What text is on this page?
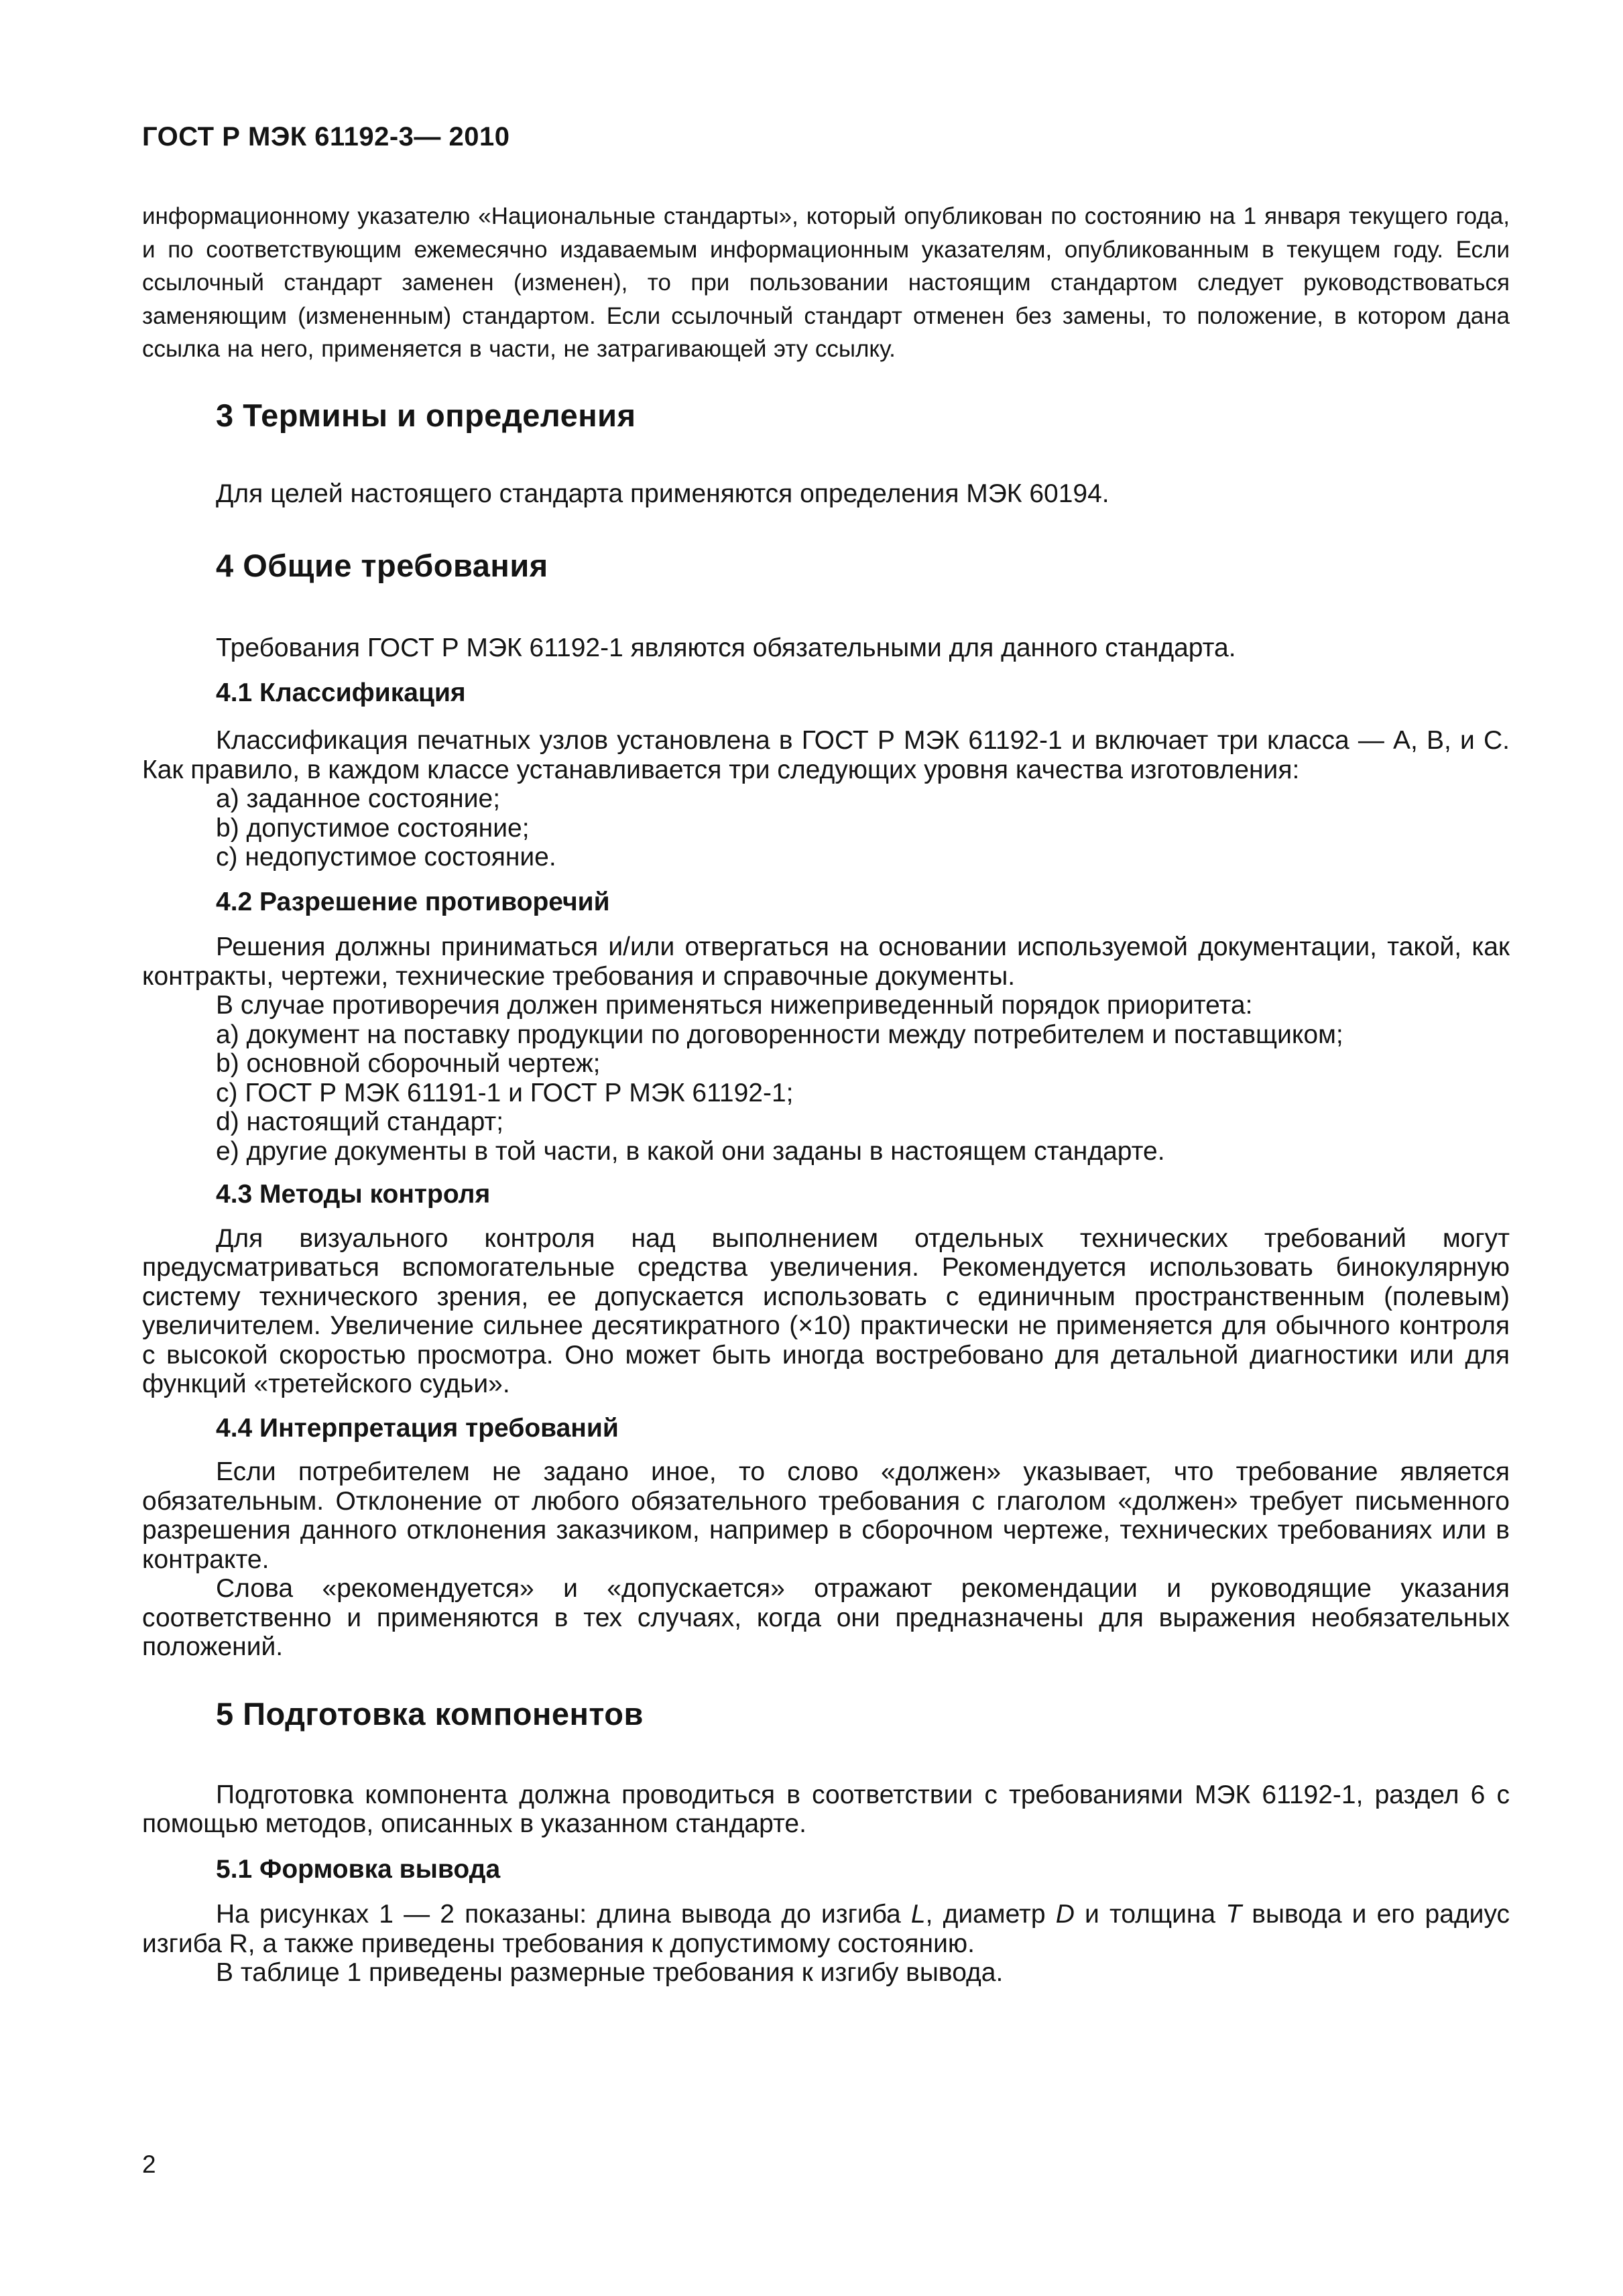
ГОСТ Р МЭК 61192-3— 2010

информационному указателю «Национальные стандарты», который опубликован по состоянию на 1 января текущего года, и по соответствующим ежемесячно издаваемым информационным указателям, опубликованным в текущем году. Если ссылочный стандарт заменен (изменен), то при пользовании настоящим стандартом следует руководствоваться заменяющим (измененным) стандартом. Если ссылочный стандарт отменен без замены, то положение, в котором дана ссылка на него, применяется в части, не затрагивающей эту ссылку.

3 Термины и определения

Для целей настоящего стандарта применяются определения МЭК 60194.

4 Общие требования

Требования ГОСТ Р МЭК 61192-1 являются обязательными для данного стандарта.

4.1 Классификация

Классификация печатных узлов установлена в ГОСТ Р МЭК 61192-1 и включает три класса — А, В, и С. Как правило, в каждом классе устанавливается три следующих уровня качества изготовления:

а) заданное состояние;

b) допустимое состояние;

с) недопустимое состояние.

4.2 Разрешение противоречий

Решения должны приниматься и/или отвергаться на основании используемой документации, такой, как контракты, чертежи, технические требования и справочные документы.

В случае противоречия должен применяться нижеприведенный порядок приоритета:

а) документ на поставку продукции по договоренности между потребителем и поставщиком;

b) основной сборочный чертеж;

с) ГОСТ Р МЭК 61191-1 и ГОСТ Р МЭК 61192-1;

d) настоящий стандарт;

е) другие документы в той части, в какой они заданы в настоящем стандарте.

4.3 Методы контроля

Для визуального контроля над выполнением отдельных технических требований могут предусматриваться вспомогательные средства увеличения. Рекомендуется использовать бинокулярную систему технического зрения, ее допускается использовать с единичным пространственным (полевым) увеличителем. Увеличение сильнее десятикратного (×10) практически не применяется для обычного контроля с высокой скоростью просмотра. Оно может быть иногда востребовано для детальной диагностики или для функций «третейского судьи».

4.4 Интерпретация требований

Если потребителем не задано иное, то слово «должен» указывает, что требование является обязательным. Отклонение от любого обязательного требования с глаголом «должен» требует письменного разрешения данного отклонения заказчиком, например в сборочном чертеже, технических требованиях или в контракте.

Слова «рекомендуется» и «допускается» отражают рекомендации и руководящие указания соответственно и применяются в тех случаях, когда они предназначены для выражения необязательных положений.

5 Подготовка компонентов

Подготовка компонента должна проводиться в соответствии с требованиями МЭК 61192-1, раздел 6 с помощью методов, описанных в указанном стандарте.

5.1 Формовка вывода

На рисунках 1 — 2 показаны: длина вывода до изгиба L, диаметр D и толщина Т вывода и его радиус изгиба R, а также приведены требования к допустимому состоянию.

В таблице 1 приведены размерные требования к изгибу вывода.

2
